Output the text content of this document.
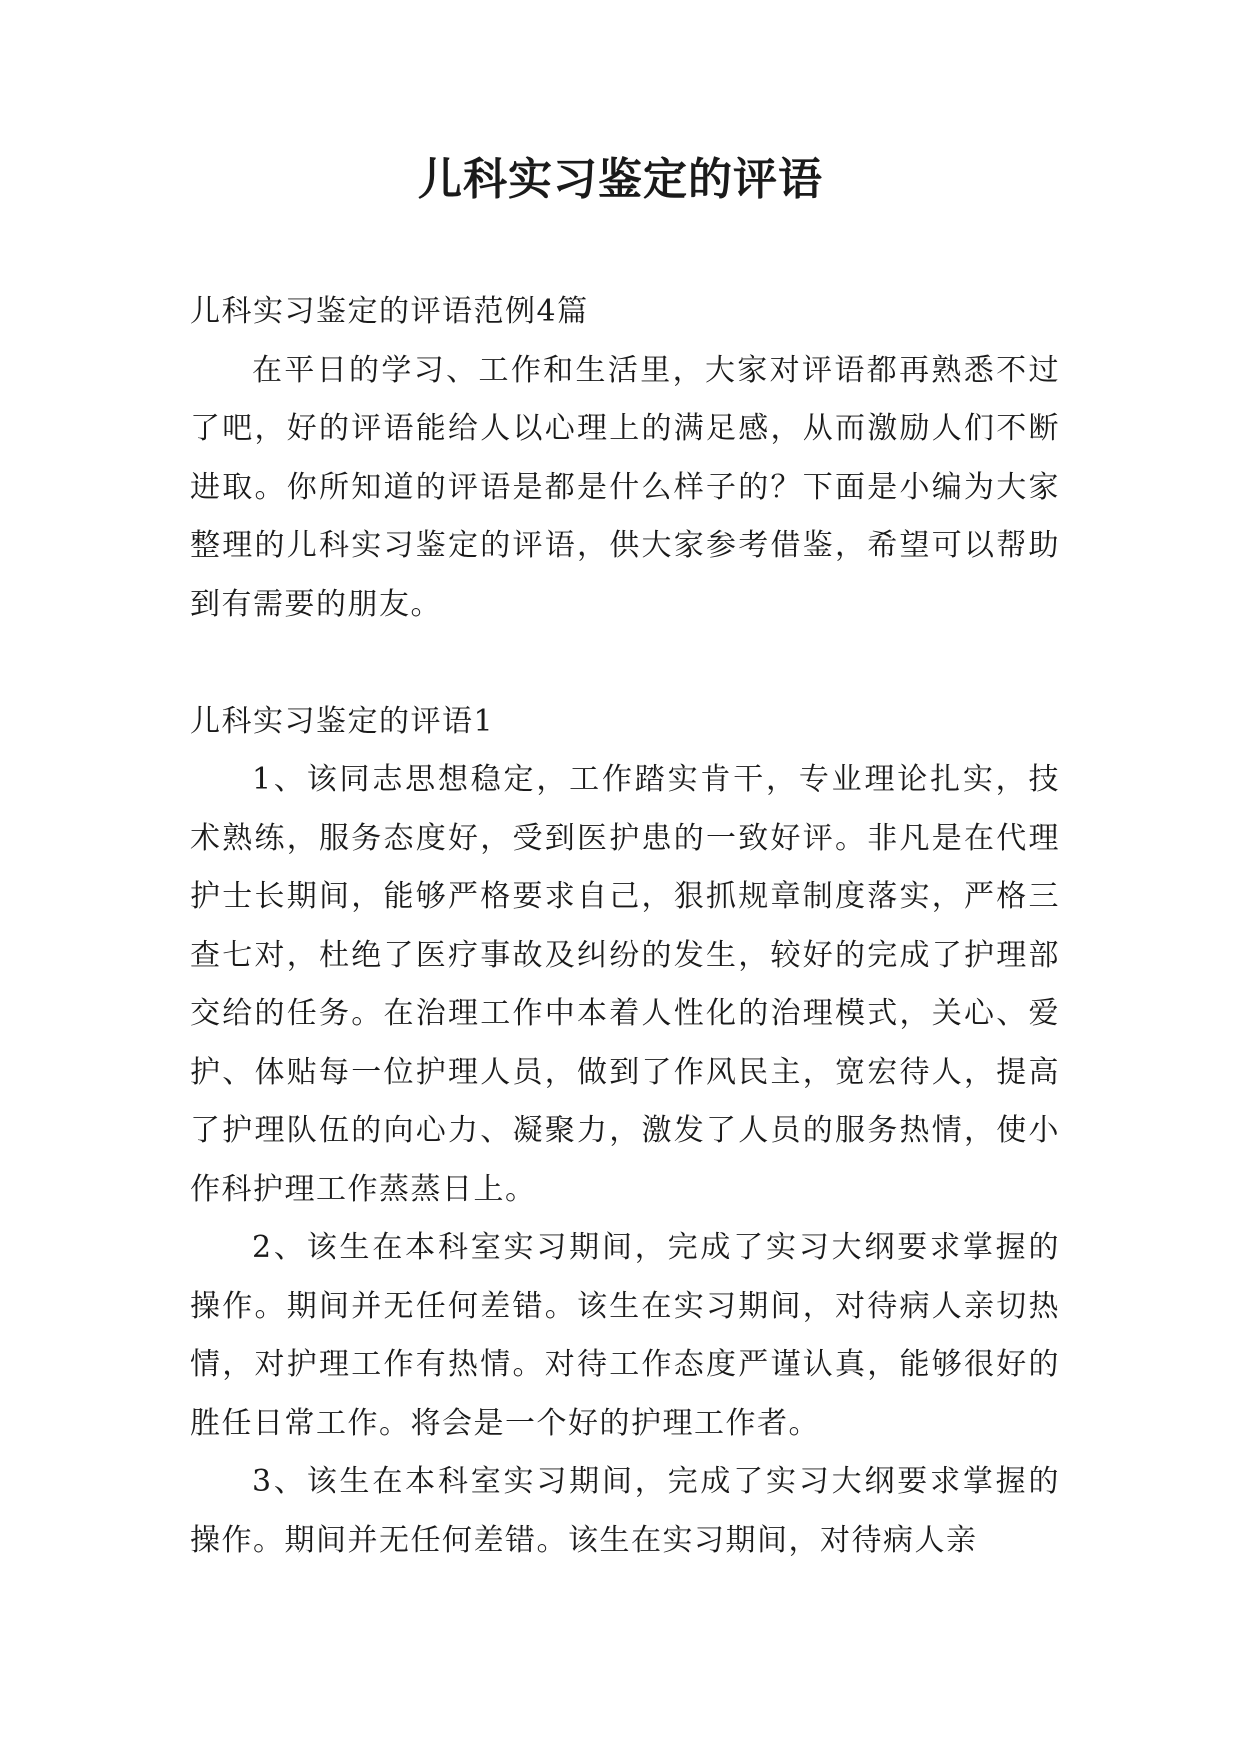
儿科实习鉴定的评语

儿科实习鉴定的评语范例4篇

在平日的学习、工作和生活里，大家对评语都再熟悉不过了吧，好的评语能给人以心理上的满足感，从而激励人们不断进取。你所知道的评语是都是什么样子的？下面是小编为大家整理的儿科实习鉴定的评语，供大家参考借鉴，希望可以帮助到有需要的朋友。

儿科实习鉴定的评语1

1、该同志思想稳定，工作踏实肯干，专业理论扎实，技术熟练，服务态度好，受到医护患的一致好评。非凡是在代理护士长期间，能够严格要求自己，狠抓规章制度落实，严格三查七对，杜绝了医疗事故及纠纷的发生，较好的完成了护理部交给的任务。在治理工作中本着人性化的治理模式，关心、爱护、体贴每一位护理人员，做到了作风民主，宽宏待人，提高了护理队伍的向心力、凝聚力，激发了人员的服务热情，使小作科护理工作蒸蒸日上。

2、该生在本科室实习期间，完成了实习大纲要求掌握的操作。期间并无任何差错。该生在实习期间，对待病人亲切热情，对护理工作有热情。对待工作态度严谨认真，能够很好的胜任日常工作。将会是一个好的护理工作者。

3、该生在本科室实习期间，完成了实习大纲要求掌握的操作。期间并无任何差错。该生在实习期间，对待病人亲
